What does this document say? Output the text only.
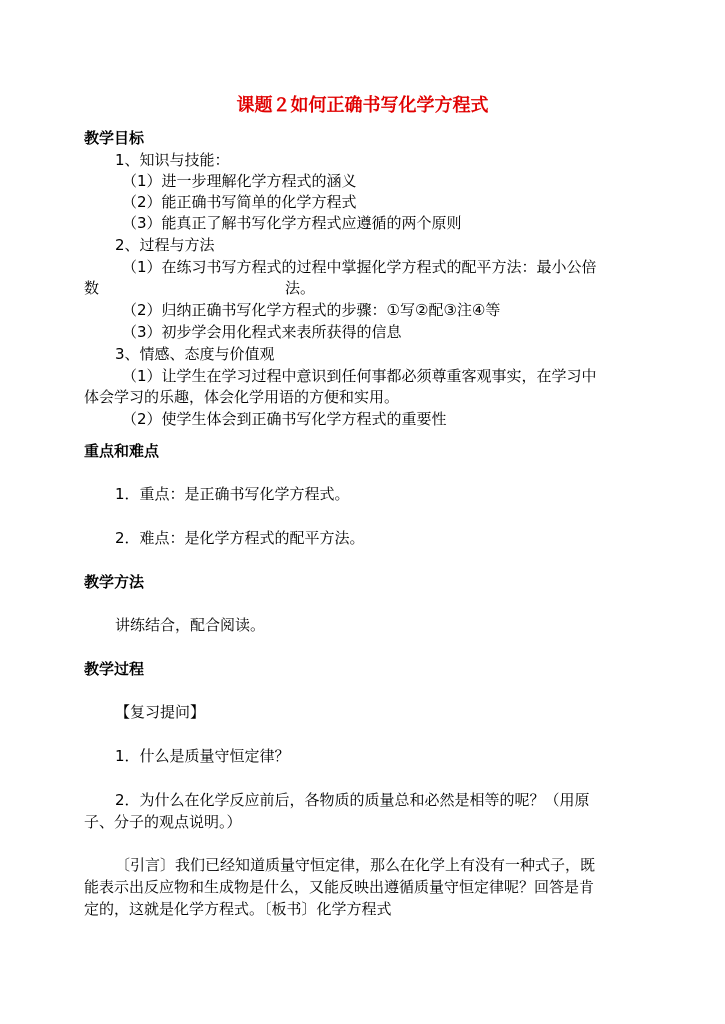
课题２如何正确书写化学方程式
教学目标
1、知识与技能：
（1）进一步理解化学方程式的涵义
（2）能正确书写简单的化学方程式
（3）能真正了解书写化学方程式应遵循的两个原则
2、过程与方法
（1）在练习书写方程式的过程中掌握化学方程式的配平方法：最小公倍
数	法。
（2）归纳正确书写化学方程式的步骤：①写②配③注④等
（3）初步学会用化程式来表所获得的信息
3、情感、态度与价值观
（1）让学生在学习过程中意识到任何事都必须尊重客观事实，在学习中
体会学习的乐趣，体会化学用语的方便和实用。
（2）使学生体会到正确书写化学方程式的重要性
重点和难点
1．重点：是正确书写化学方程式。
2．难点：是化学方程式的配平方法。
教学方法
讲练结合，配合阅读。
教学过程
【复习提问】
1．什么是质量守恒定律？
2．为什么在化学反应前后，各物质的质量总和必然是相等的呢？（用原
子、分子的观点说明。）
〔引言〕我们已经知道质量守恒定律，那么在化学上有没有一种式子，既
能表示出反应物和生成物是什么，又能反映出遵循质量守恒定律呢？回答是肯
定的，这就是化学方程式。〔板书〕化学方程式
